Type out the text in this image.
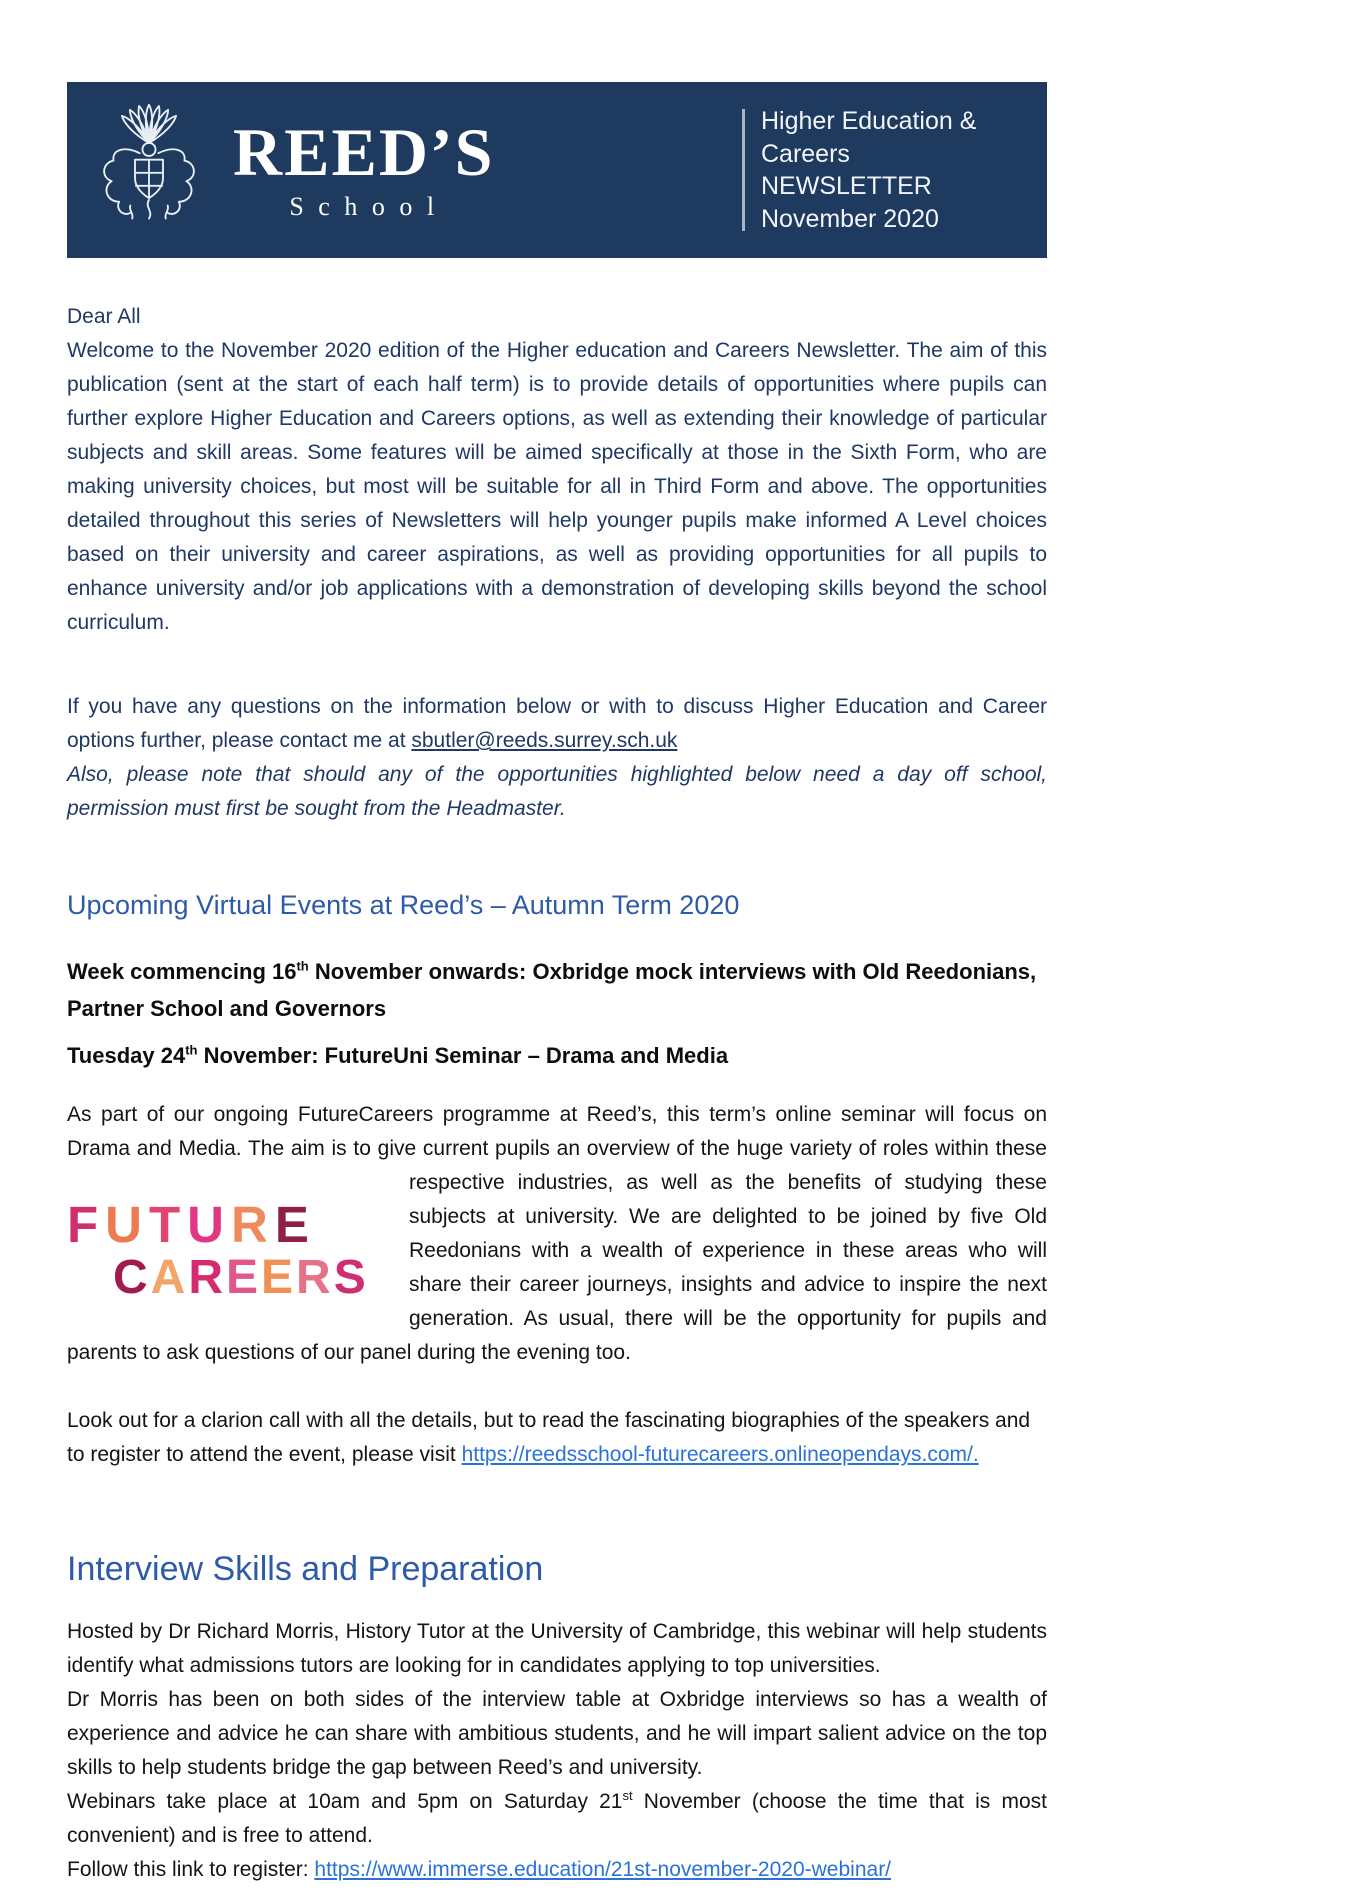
REED’S
S c h o o l
Higher Education & Careers
NEWSLETTER
November 2020
Dear All

Welcome to the November 2020 edition of the Higher education and Careers Newsletter. The aim of this publication (sent at the start of each half term) is to provide details of opportunities where pupils can further explore Higher Education and Careers options, as well as extending their knowledge of particular subjects and skill areas. Some features will be aimed specifically at those in the Sixth Form, who are making university choices, but most will be suitable for all in Third Form and above. The opportunities detailed throughout this series of Newsletters will help younger pupils make informed A Level choices based on their university and career aspirations, as well as providing opportunities for all pupils to enhance university and/or job applications with a demonstration of developing skills beyond the school curriculum.

If you have any questions on the information below or with to discuss Higher Education and Career options further, please contact me at sbutler@reeds.surrey.sch.uk

Also, please note that should any of the opportunities highlighted below need a day off school, permission must first be sought from the Headmaster.

Upcoming Virtual Events at Reed’s – Autumn Term 2020
Week commencing 16th November onwards: Oxbridge mock interviews with Old Reedonians,
Partner School and Governors
Tuesday 24th November: FutureUni Seminar – Drama and Media

As part of our ongoing FutureCareers programme at Reed’s, this term’s online seminar will focus on Drama and Media. The aim is to give current pupils an overview of the huge variety of roles within these respective
FUTURE
CAREERS
industries, as well as the benefits of studying these subjects at university. We are delighted to be joined by five Old Reedonians with a wealth of experience in these areas who will share their career journeys, insights and advice to inspire the next generation. As usual, there will be the opportunity for pupils and parents to ask questions of our panel during the evening too.

Look out for a clarion call with all the details, but to read the fascinating biographies of the speakers and to register to attend the event, please visit https://reedsschool-futurecareers.onlineopendays.com/.

Interview Skills and Preparation

Hosted by Dr Richard Morris, History Tutor at the University of Cambridge, this webinar will help students identify what admissions tutors are looking for in candidates applying to top universities.

Dr Morris has been on both sides of the interview table at Oxbridge interviews so has a wealth of experience and advice he can share with ambitious students, and he will impart salient advice on the top skills to help students bridge the gap between Reed’s and university.

Webinars take place at 10am and 5pm on Saturday 21st November (choose the time that is most convenient) and is free to attend.

Follow this link to register: https://www.immerse.education/21st-november-2020-webinar/
